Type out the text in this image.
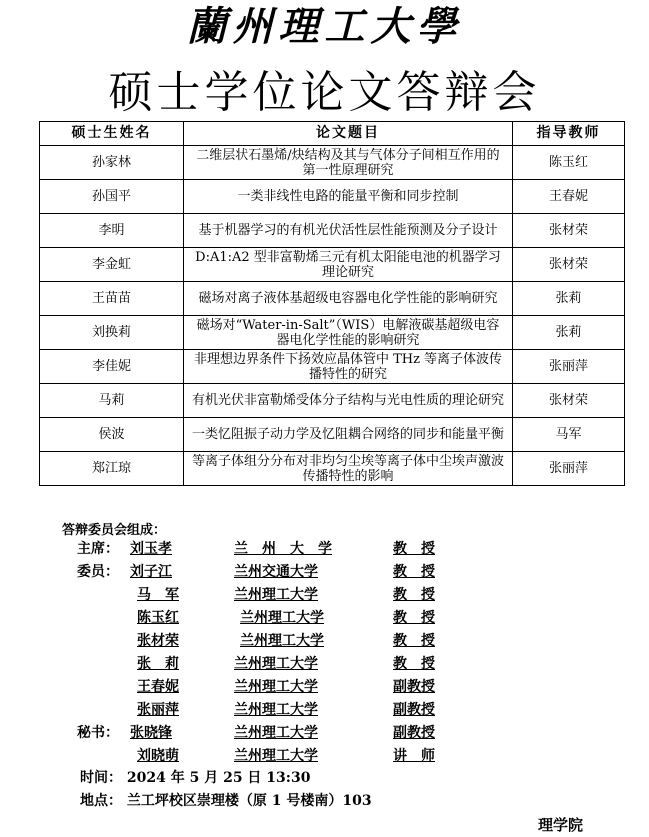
蘭州理工大學
硕士学位论文答辩会
硕士生姓名	论文题目	指导教师
孙家林	二维层状石墨烯/炔结构及其与气体分子间相互作用的第一性原理研究	陈玉红
孙国平	一类非线性电路的能量平衡和同步控制	王春妮
李明	基于机器学习的有机光伏活性层性能预测及分子设计	张材荣
李金虹	D:A1:A2 型非富勒烯三元有机太阳能电池的机器学习理论研究	张材荣
王苗苗	磁场对离子液体基超级电容器电化学性能的影响研究	张莉
刘换莉	磁场对“Water-in-Salt”（WIS）电解液碳基超级电容器电化学性能的影响研究	张莉
李佳妮	非理想边界条件下扬效应晶体管中 THz 等离子体波传播特性的研究	张丽萍
马莉	有机光伏非富勒烯受体分子结构与光电性质的理论研究	张材荣
侯波	一类忆阻振子动力学及忆阻耦合网络的同步和能量平衡	马军
郑江琼	等离子体组分分布对非均匀尘埃等离子体中尘埃声激波传播特性的影响	张丽萍
答辩委员会组成：
主席： 刘玉孝	兰　州　大　学	教　授
委员： 刘子江	兰州交通大学	教　授
马　军	兰州理工大学	教　授
陈玉红	兰州理工大学	教　授
张材荣	兰州理工大学	教　授
张　莉	兰州理工大学	教　授
王春妮	兰州理工大学	副教授
张丽萍	兰州理工大学	副教授
秘书： 张晓锋	兰州理工大学	副教授
刘晓萌	兰州理工大学	讲　师
时间： 2024 年 5 月 25 日 13:30
地点： 兰工坪校区崇理楼（原 1 号楼南）103
理学院
